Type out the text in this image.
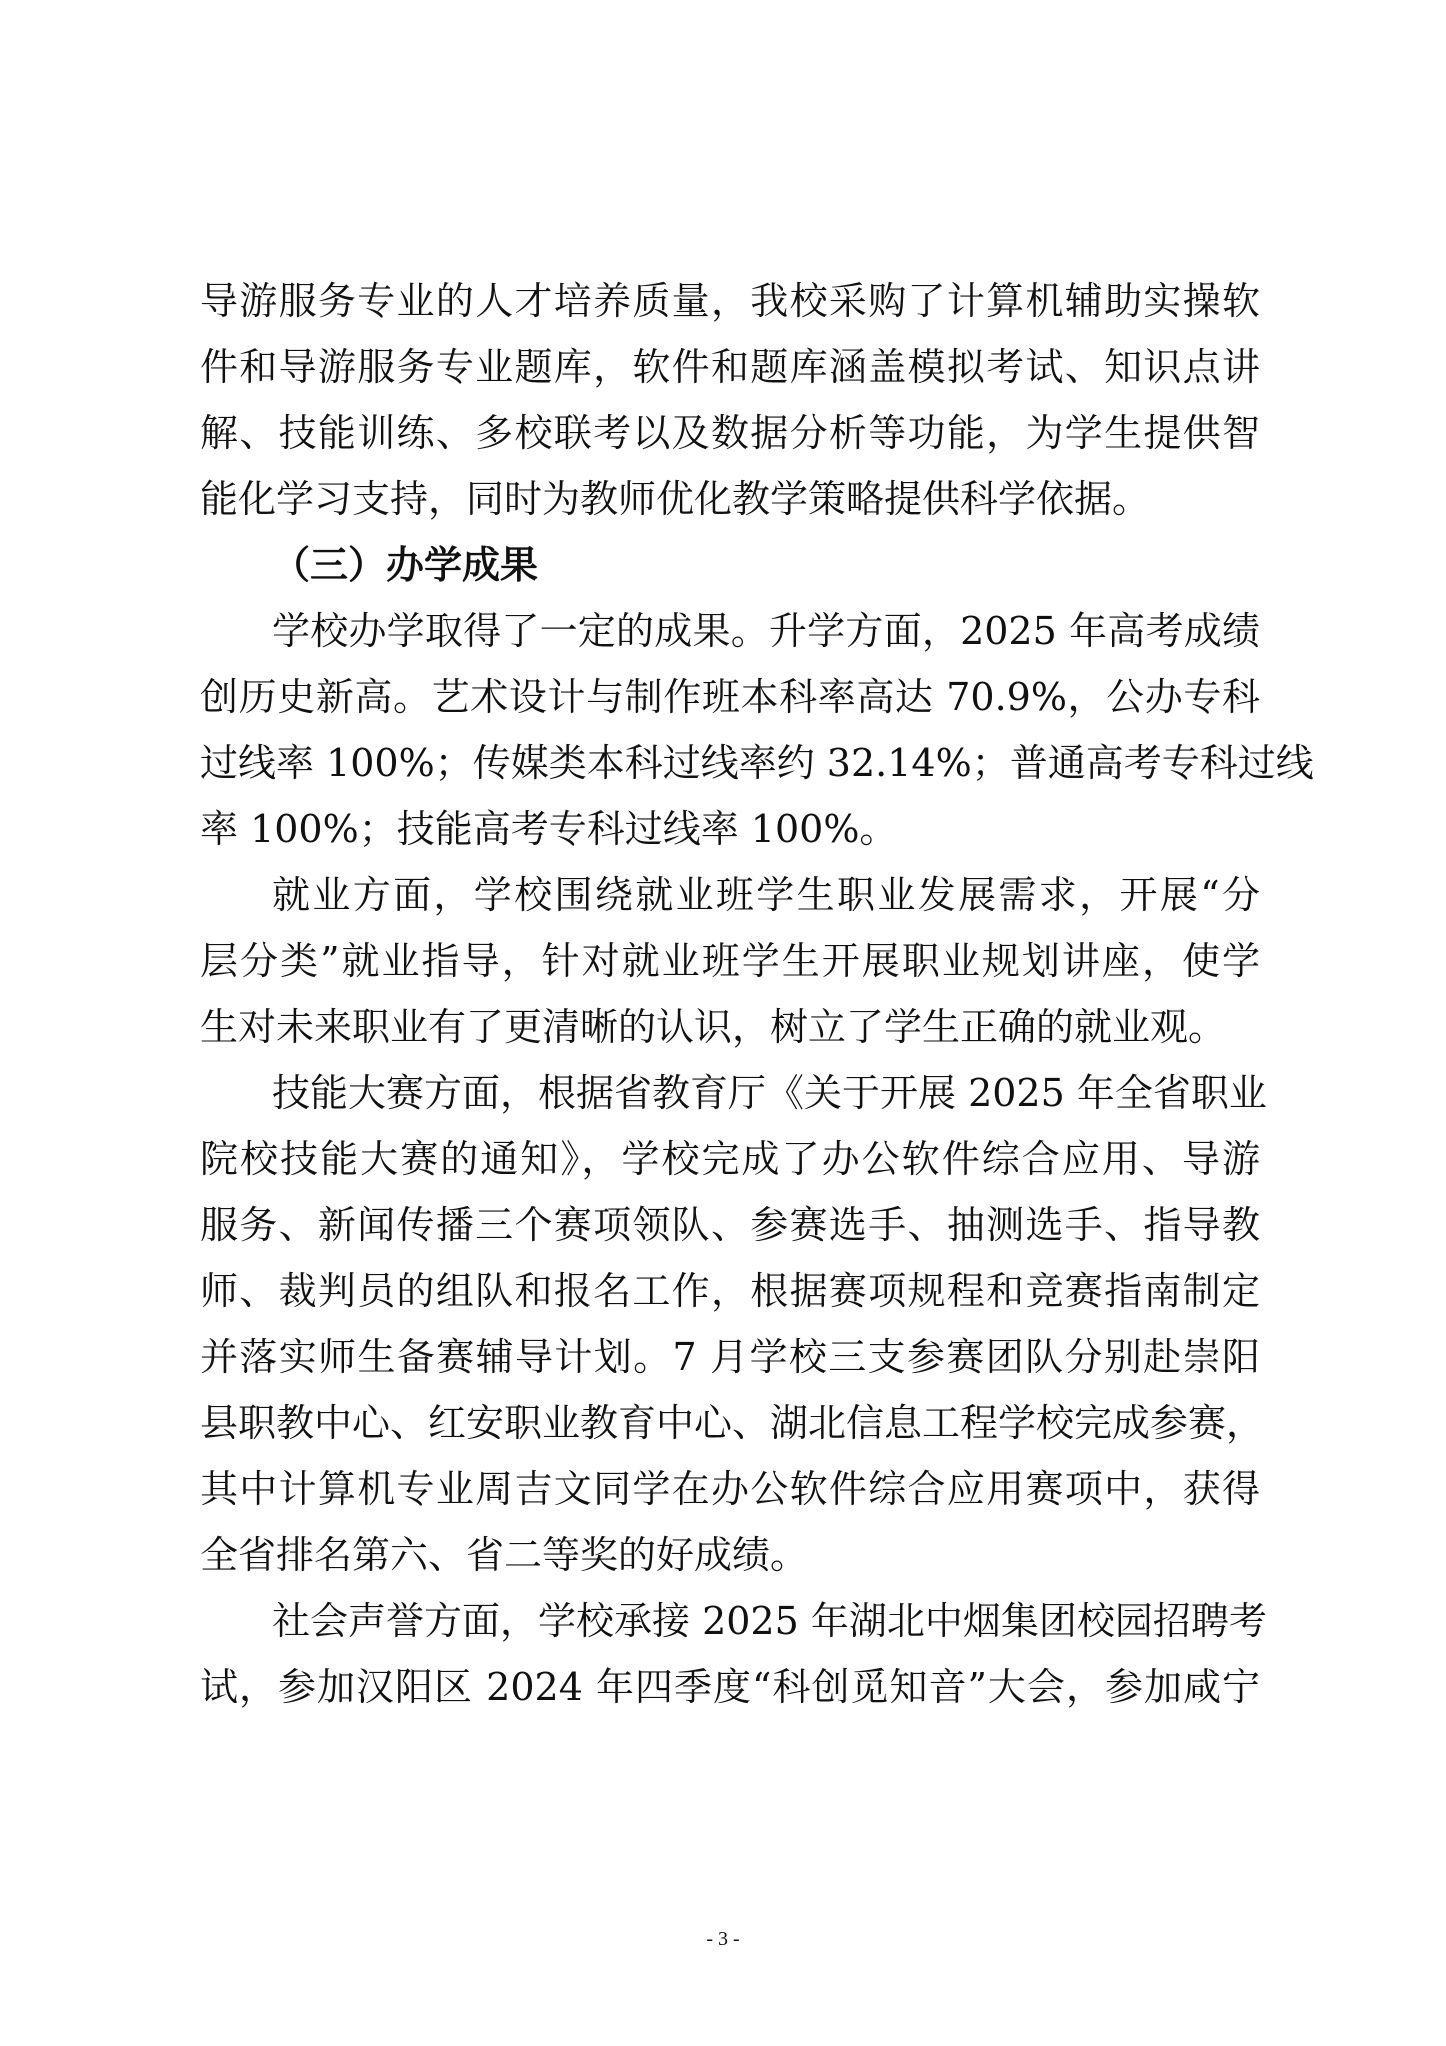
导游服务专业的人才培养质量，我校采购了计算机辅助实操软
件和导游服务专业题库，软件和题库涵盖模拟考试、知识点讲
解、技能训练、多校联考以及数据分析等功能，为学生提供智
能化学习支持，同时为教师优化教学策略提供科学依据。
（三）办学成果
学校办学取得了一定的成果。升学方面，2025 年高考成绩
创历史新高。艺术设计与制作班本科率高达 70.9%，公办专科
过线率 100%；传媒类本科过线率约 32.14%；普通高考专科过线
率 100%；技能高考专科过线率 100%。
就业方面，学校围绕就业班学生职业发展需求，开展“分
层分类”就业指导，针对就业班学生开展职业规划讲座，使学
生对未来职业有了更清晰的认识，树立了学生正确的就业观。
技能大赛方面，根据省教育厅《关于开展 2025 年全省职业
院校技能大赛的通知》，学校完成了办公软件综合应用、导游
服务、新闻传播三个赛项领队、参赛选手、抽测选手、指导教
师、裁判员的组队和报名工作，根据赛项规程和竞赛指南制定
并落实师生备赛辅导计划。7 月学校三支参赛团队分别赴崇阳
县职教中心、红安职业教育中心、湖北信息工程学校完成参赛，
其中计算机专业周吉文同学在办公软件综合应用赛项中，获得
全省排名第六、省二等奖的好成绩。
社会声誉方面，学校承接 2025 年湖北中烟集团校园招聘考
试，参加汉阳区 2024 年四季度“科创觅知音”大会，参加咸宁
- 3 -
